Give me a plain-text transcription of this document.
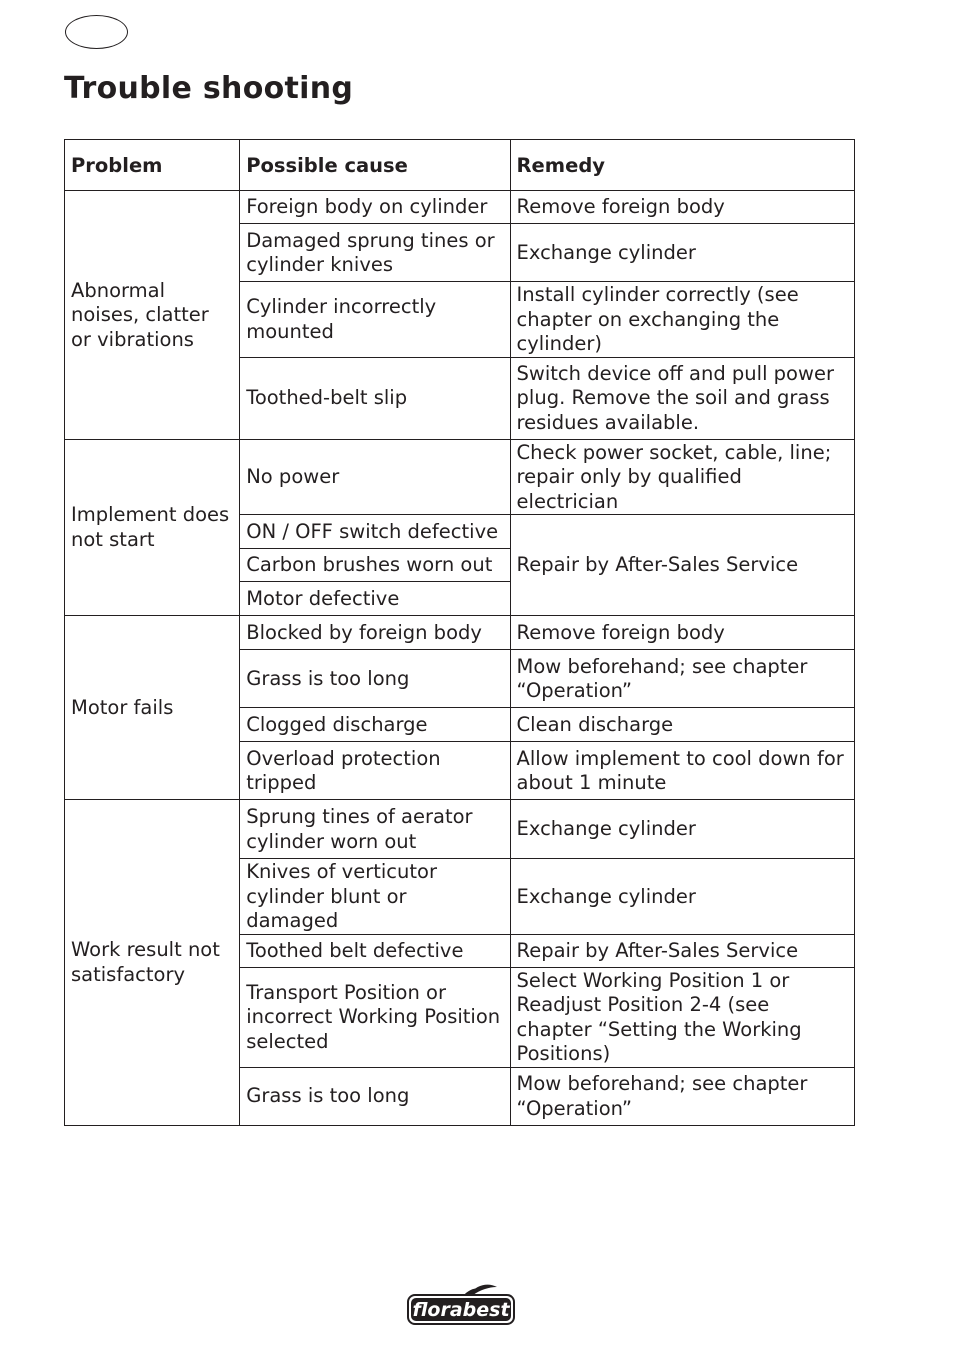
Trouble shooting
Problem	Possible cause	Remedy
Abnormal noises, clatter or vibrations	Foreign body on cylinder	Remove foreign body
	Damaged sprung tines or cylinder knives	Exchange cylinder
	Cylinder incorrectly mounted	Install cylinder correctly (see chapter on exchanging the cylinder)
	Toothed-belt slip	Switch device off and pull power plug. Remove the soil and grass residues available.
Implement does not start	No power	Check power socket, cable, line; repair only by qualified electrician
	ON / OFF switch defective	Repair by After-Sales Service
	Carbon brushes worn out	
	Motor defective	
Motor fails	Blocked by foreign body	Remove foreign body
	Grass is too long	Mow beforehand; see chapter “Operation”
	Clogged discharge	Clean discharge
	Overload protection tripped	Allow implement to cool down for about 1 minute
Work result not satisfactory	Sprung tines of aerator cylinder worn out	Exchange cylinder
	Knives of verticutor cylinder blunt or damaged	Exchange cylinder
	Toothed belt defective	Repair by After-Sales Service
	Transport Position or incorrect Working Position selected	Select Working Position 1 or Readjust Position 2-4 (see chapter “Setting the Working Positions)
	Grass is too long	Mow beforehand; see chapter “Operation”
florabest
